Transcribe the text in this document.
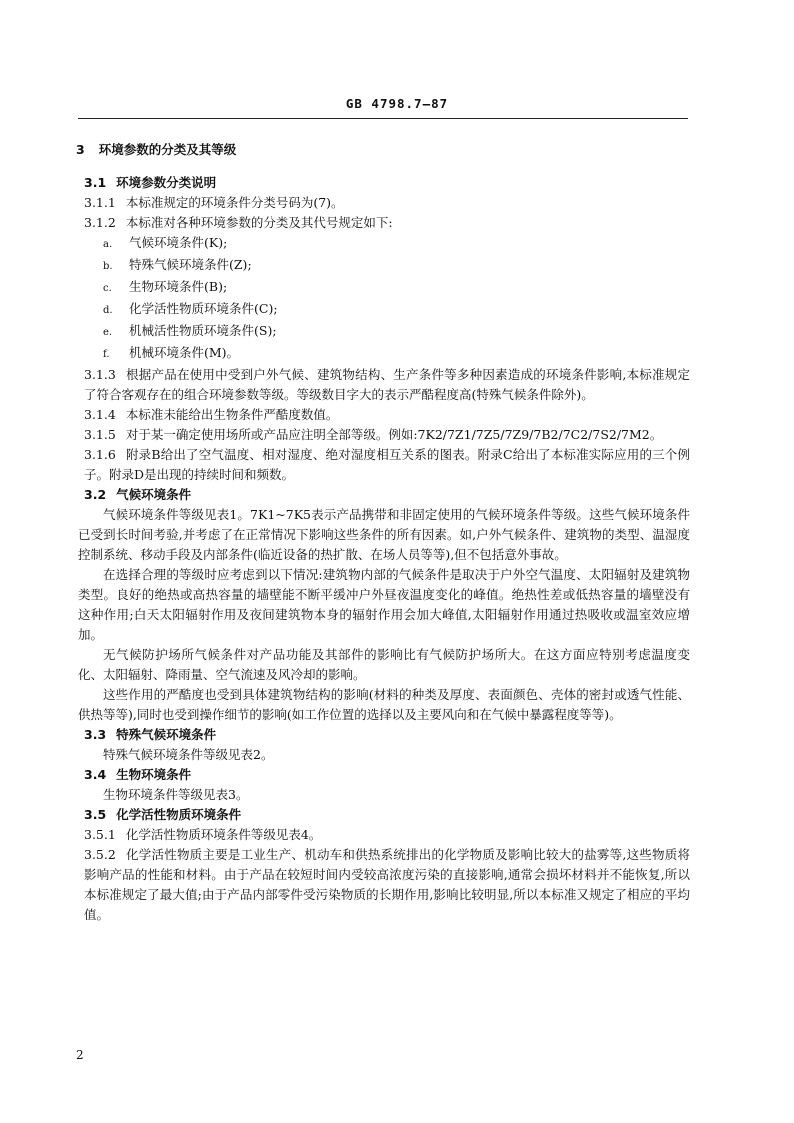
GB 4798.7—87
3 环境参数的分类及其等级
3.1 环境参数分类说明
3.1.1 本标准规定的环境条件分类号码为(7)。
3.1.2 本标准对各种环境参数的分类及其代号规定如下:
a. 气候环境条件(K);
b. 特殊气候环境条件(Z);
c. 生物环境条件(B);
d. 化学活性物质环境条件(C);
e. 机械活性物质环境条件(S);
f. 机械环境条件(M)。
3.1.3 根据产品在使用中受到户外气候、建筑物结构、生产条件等多种因素造成的环境条件影响,本标准规定了符合客观存在的组合环境参数等级。等级数目字大的表示严酷程度高(特殊气候条件除外)。
3.1.4 本标准未能给出生物条件严酷度数值。
3.1.5 对于某一确定使用场所或产品应注明全部等级。例如:7K2/7Z1/7Z5/7Z9/7B2/7C2/7S2/7M2。
3.1.6 附录B给出了空气温度、相对湿度、绝对湿度相互关系的图表。附录C给出了本标准实际应用的三个例子。附录D是出现的持续时间和频数。
3.2 气候环境条件
气候环境条件等级见表1。7K1~7K5表示产品携带和非固定使用的气候环境条件等级。这些气候环境条件已受到长时间考验,并考虑了在正常情况下影响这些条件的所有因素。如,户外气候条件、建筑物的类型、温湿度控制系统、移动手段及内部条件(临近设备的热扩散、在场人员等等),但不包括意外事故。
在选择合理的等级时应考虑到以下情况:建筑物内部的气候条件是取决于户外空气温度、太阳辐射及建筑物类型。良好的绝热或高热容量的墙壁能不断平缓冲户外昼夜温度变化的峰值。绝热性差或低热容量的墙壁没有这种作用;白天太阳辐射作用及夜间建筑物本身的辐射作用会加大峰值,太阳辐射作用通过热吸收或温室效应增加。
无气候防护场所气候条件对产品功能及其部件的影响比有气候防护场所大。在这方面应特别考虑温度变化、太阳辐射、降雨量、空气流速及风冷却的影响。
这些作用的严酷度也受到具体建筑物结构的影响(材料的种类及厚度、表面颜色、壳体的密封或透气性能、供热等等),同时也受到操作细节的影响(如工作位置的选择以及主要风向和在气候中暴露程度等等)。
3.3 特殊气候环境条件
特殊气候环境条件等级见表2。
3.4 生物环境条件
生物环境条件等级见表3。
3.5 化学活性物质环境条件
3.5.1 化学活性物质环境条件等级见表4。
3.5.2 化学活性物质主要是工业生产、机动车和供热系统排出的化学物质及影响比较大的盐雾等,这些物质将影响产品的性能和材料。由于产品在较短时间内受较高浓度污染的直接影响,通常会损坏材料并不能恢复,所以本标准规定了最大值;由于产品内部零件受污染物质的长期作用,影响比较明显,所以本标准又规定了相应的平均值。
2
